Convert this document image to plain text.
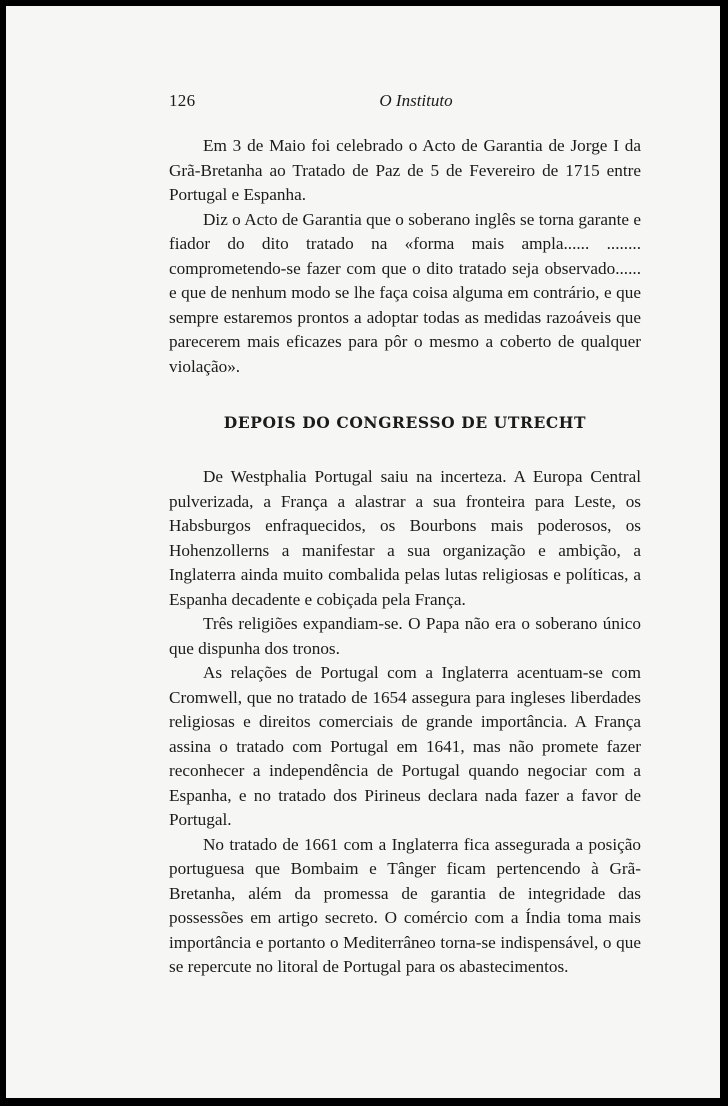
126	O Instituto

Em 3 de Maio foi celebrado o Acto de Garantia de Jorge I da Grã-Bretanha ao Tratado de Paz de 5 de Fevereiro de 1715 entre Portugal e Espanha.

Diz o Acto de Garantia que o soberano inglês se torna garante e fiador do dito tratado na «forma mais ampla...... ........ comprometendo-se fazer com que o dito tratado seja observado...... e que de nenhum modo se lhe faça coisa alguma em contrário, e que sempre estaremos prontos a adoptar todas as medidas razoáveis que parecerem mais eficazes para pôr o mesmo a coberto de qualquer violação».

DEPOIS DO CONGRESSO DE UTRECHT

De Westphalia Portugal saiu na incerteza. A Europa Central pulverizada, a França a alastrar a sua fronteira para Leste, os Habsburgos enfraquecidos, os Bourbons mais poderosos, os Hohenzollerns a manifestar a sua organização e ambição, a Inglaterra ainda muito combalida pelas lutas religiosas e políticas, a Espanha decadente e cobiçada pela França.

Três religiões expandiam-se. O Papa não era o soberano único que dispunha dos tronos.

As relações de Portugal com a Inglaterra acentuam-se com Cromwell, que no tratado de 1654 assegura para ingleses liberdades religiosas e direitos comerciais de grande importância. A França assina o tratado com Portugal em 1641, mas não promete fazer reconhecer a independência de Portugal quando negociar com a Espanha, e no tratado dos Pirineus declara nada fazer a favor de Portugal.

No tratado de 1661 com a Inglaterra fica assegurada a posição portuguesa que Bombaim e Tânger ficam pertencendo à Grã-Bretanha, além da promessa de garantia de integridade das possessões em artigo secreto. O comércio com a Índia toma mais importância e portanto o Mediterrâneo torna-se indispensável, o que se repercute no litoral de Portugal para os abastecimentos.
